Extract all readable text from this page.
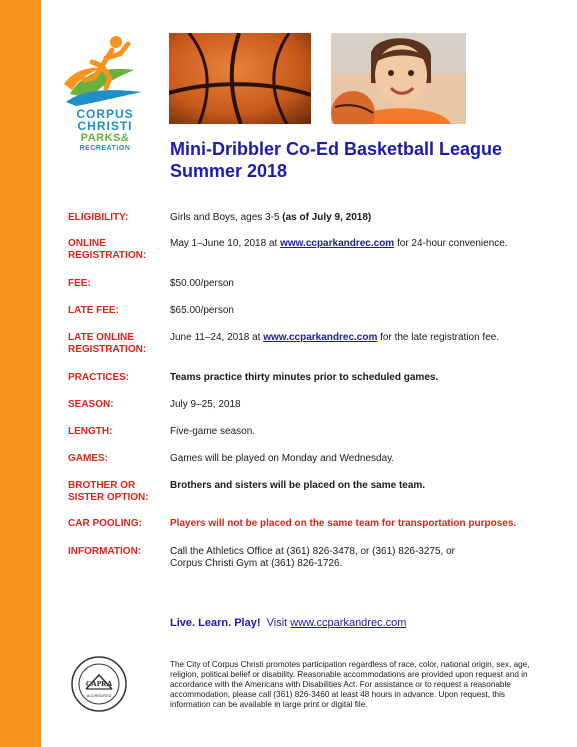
CORPUS
CHRISTI
PARKS&
RECREATION	Mini-Dribbler Co-Ed Basketball League
Summer 2018
ELIGIBILITY:	Girls and Boys, ages 3-5 (as of July 9, 2018)
ONLINE REGISTRATION:
May 1–June 10, 2018 at www.ccparkandrec.com for 24-hour convenience.
FEE:	$50.00/person
LATE FEE:	$65.00/person
LATE ONLINE REGISTRATION:
June 11–24, 2018 at www.ccparkandrec.com for the late registration fee.
PRACTICES:	Teams practice thirty minutes prior to scheduled games.
SEASON:	July 9–25, 2018
LENGTH:	Five-game season.
GAMES:	Games will be played on Monday and Wednesday.
BROTHER OR SISTER OPTION:
Brothers and sisters will be placed on the same team.
CAR POOLING:	Players will not be placed on the same team for transportation purposes.
INFORMATION:	Call the Athletics Office at (361) 826-3478, or (361) 826-3275, or
Corpus Christi Gym at (361) 826-1726.
Live. Learn. Play! Visit www.ccparkandrec.com
CAPRA
ACCREDITED
The City of Corpus Christi promotes participation regardless of race, color, national origin, sex, age, religion, political belief or disability. Reasonable accommodations are provided upon request and in accordance with the Americans with Disabilities Act. For assistance or to request a reasonable accommodation, please call (361) 826-3460 at least 48 hours in advance. Upon request, this information can be available in large print or digital file.
